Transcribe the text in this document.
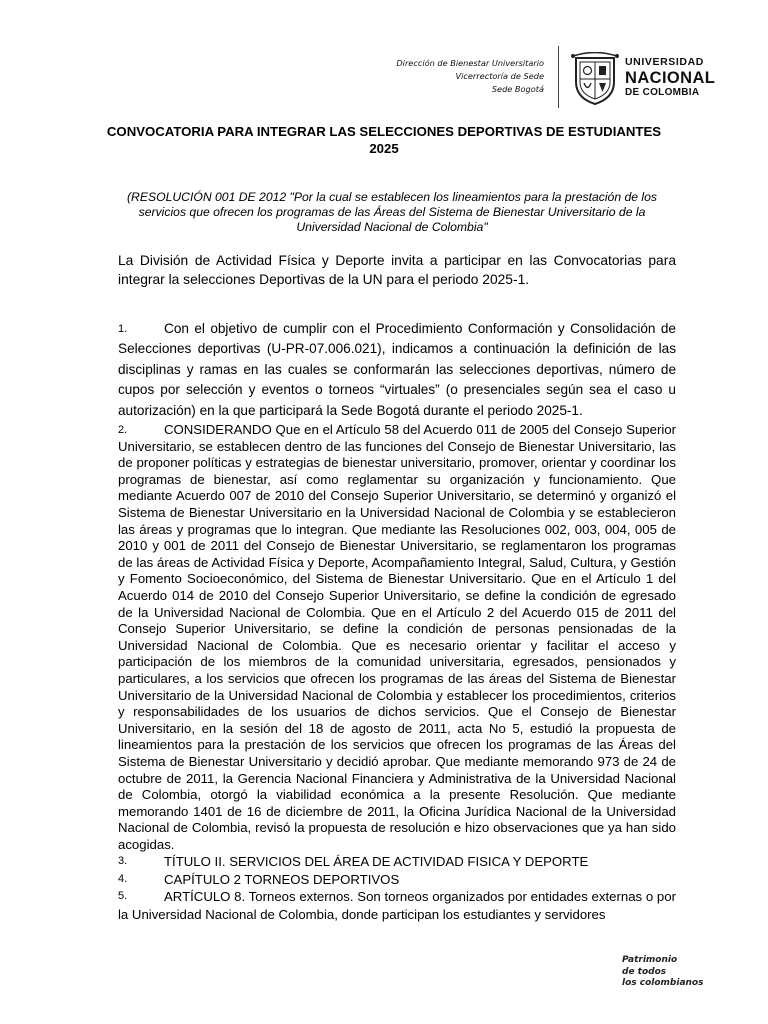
Dirección de Bienestar Universitario
Vicerrectoría de Sede
Sede Bogotá
UNIVERSIDAD
NACIONAL
DE COLOMBIA
CONVOCATORIA PARA INTEGRAR LAS SELECCIONES DEPORTIVAS DE ESTUDIANTES 2025
(RESOLUCIÓN 001 DE 2012 "Por la cual se establecen los lineamientos para la prestación de los servicios que ofrecen los programas de las Áreas del Sistema de Bienestar Universitario de la Universidad Nacional de Colombia"
La División de Actividad Física y Deporte invita a participar en las Convocatorias para integrar la selecciones Deportivas de la UN para el periodo 2025-1.
1.	Con el objetivo de cumplir con el Procedimiento Conformación y Consolidación de Selecciones deportivas (U-PR-07.006.021), indicamos a continuación la definición de las disciplinas y ramas en las cuales se conformarán las selecciones deportivas, número de cupos por selección y eventos o torneos “virtuales” (o presenciales según sea el caso u autorización) en la que participará la Sede Bogotá durante el periodo 2025-1.
2.	CONSIDERANDO Que en el Artículo 58 del Acuerdo 011 de 2005 del Consejo Superior Universitario, se establecen dentro de las funciones del Consejo de Bienestar Universitario, las de proponer políticas y estrategias de bienestar universitario, promover, orientar y coordinar los programas de bienestar, así como reglamentar su organización y funcionamiento. Que mediante Acuerdo 007 de 2010 del Consejo Superior Universitario, se determinó y organizó el Sistema de Bienestar Universitario en la Universidad Nacional de Colombia y se establecieron las áreas y programas que lo integran. Que mediante las Resoluciones 002, 003, 004, 005 de 2010 y 001 de 2011 del Consejo de Bienestar Universitario, se reglamentaron los programas de las áreas de Actividad Física y Deporte, Acompañamiento Integral, Salud, Cultura, y Gestión y Fomento Socioeconómico, del Sistema de Bienestar Universitario. Que en el Artículo 1 del Acuerdo 014 de 2010 del Consejo Superior Universitario, se define la condición de egresado de la Universidad Nacional de Colombia. Que en el Artículo 2 del Acuerdo 015 de 2011 del Consejo Superior Universitario, se define la condición de personas pensionadas de la Universidad Nacional de Colombia. Que es necesario orientar y facilitar el acceso y participación de los miembros de la comunidad universitaria, egresados, pensionados y particulares, a los servicios que ofrecen los programas de las áreas del Sistema de Bienestar Universitario de la Universidad Nacional de Colombia y establecer los procedimientos, criterios y responsabilidades de los usuarios de dichos servicios. Que el Consejo de Bienestar Universitario, en la sesión del 18 de agosto de 2011, acta No 5, estudió la propuesta de lineamientos para la prestación de los servicios que ofrecen los programas de las Áreas del Sistema de Bienestar Universitario y decidió aprobar. Que mediante memorando 973 de 24 de octubre de 2011, la Gerencia Nacional Financiera y Administrativa de la Universidad Nacional de Colombia, otorgó la viabilidad económica a la presente Resolución. Que mediante memorando 1401 de 16 de diciembre de 2011, la Oficina Jurídica Nacional de la Universidad Nacional de Colombia, revisó la propuesta de resolución e hizo observaciones que ya han sido acogidas.
3.	TÍTULO II. SERVICIOS DEL ÁREA DE ACTIVIDAD FISICA Y DEPORTE
4.	CAPÍTULO 2 TORNEOS DEPORTIVOS
5.	ARTÍCULO 8. Torneos externos. Son torneos organizados por entidades externas o por la Universidad Nacional de Colombia, donde participan los estudiantes y servidores
Patrimonio
de todos
los colombianos
